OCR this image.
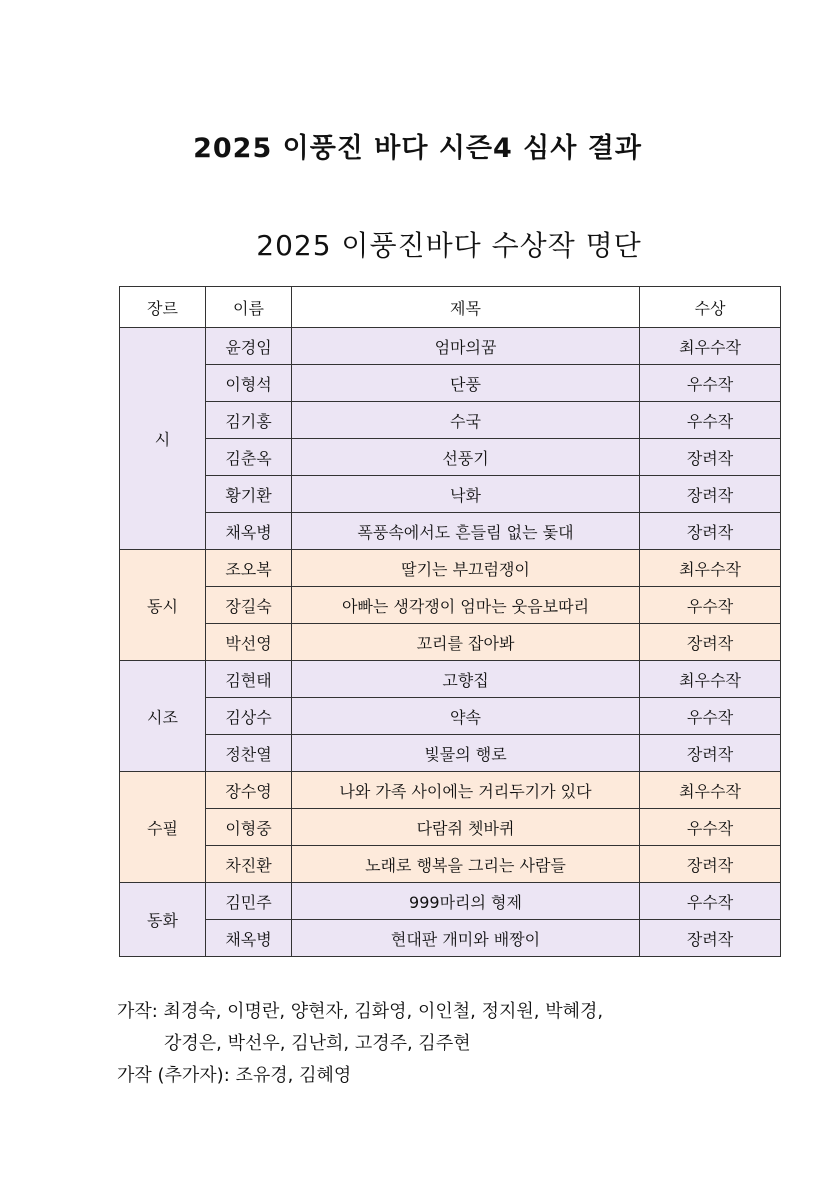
2025 이풍진 바다 시즌4 심사 결과
2025 이풍진바다 수상작 명단
장르	이름	제목	수상
시	윤경임	엄마의꿈	최우수작
	이형석	단풍	우수작
	김기홍	수국	우수작
	김춘옥	선풍기	장려작
	황기환	낙화	장려작
	채옥병	폭풍속에서도 흔들림 없는 돛대	장려작
동시	조오복	딸기는 부끄럼쟁이	최우수작
	장길숙	아빠는 생각쟁이 엄마는 웃음보따리	우수작
	박선영	꼬리를 잡아봐	장려작
시조	김현태	고향집	최우수작
	김상수	약속	우수작
	정찬열	빛물의 행로	장려작
수필	장수영	나와 가족 사이에는 거리두기가 있다	최우수작
	이형중	다람쥐 쳇바퀴	우수작
	차진환	노래로 행복을 그리는 사람들	장려작
동화	김민주	999마리의 형제	우수작
	채옥병	현대판 개미와 배짱이	장려작
가작: 최경숙, 이명란, 양현자, 김화영, 이인철, 정지원, 박혜경,
강경은, 박선우, 김난희, 고경주, 김주현
가작 (추가자): 조유경, 김혜영
